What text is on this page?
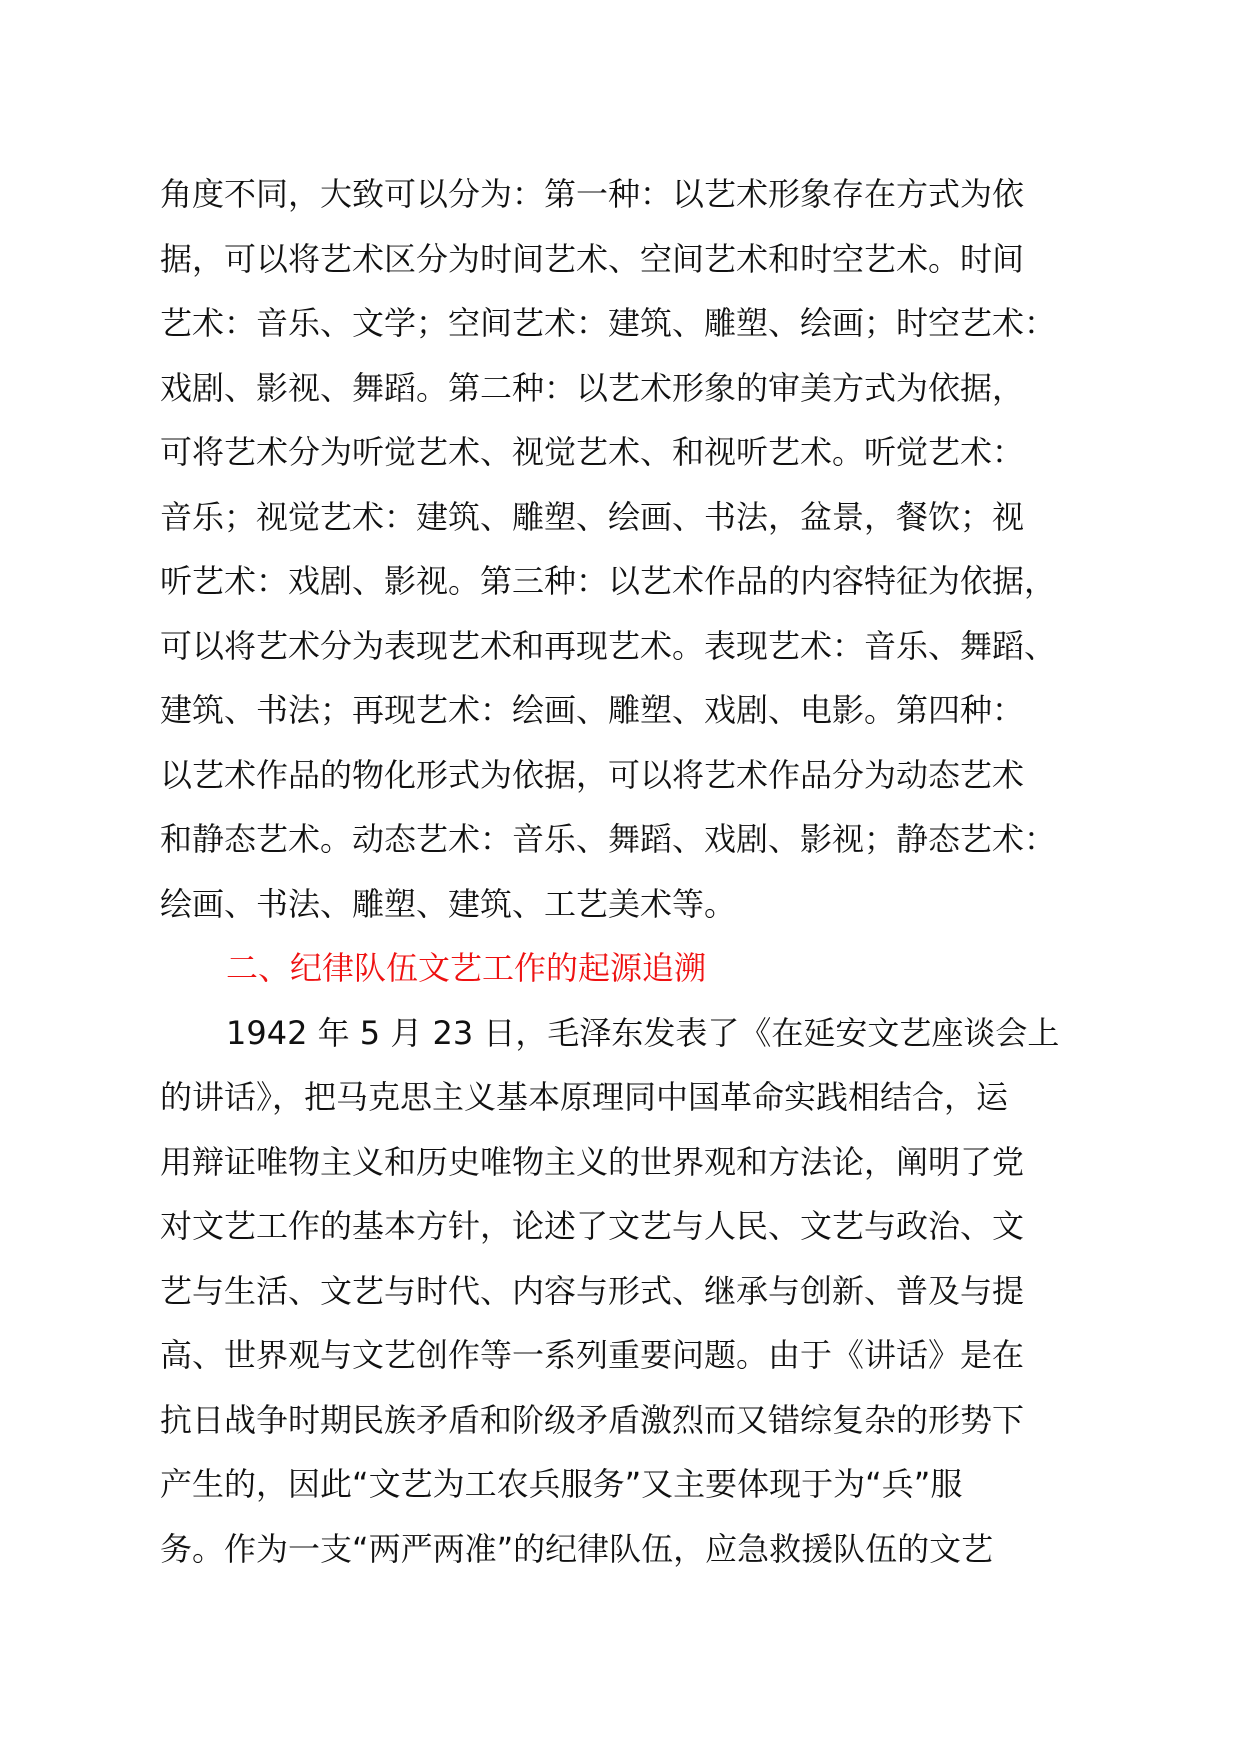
角度不同，大致可以分为：第一种：以艺术形象存在方式为依
据，可以将艺术区分为时间艺术、空间艺术和时空艺术。时间
艺术：音乐、文学；空间艺术：建筑、雕塑、绘画；时空艺术：
戏剧、影视、舞蹈。第二种：以艺术形象的审美方式为依据，
可将艺术分为听觉艺术、视觉艺术、和视听艺术。听觉艺术：
音乐；视觉艺术：建筑、雕塑、绘画、书法，盆景，餐饮；视
听艺术：戏剧、影视。第三种：以艺术作品的内容特征为依据，
可以将艺术分为表现艺术和再现艺术。表现艺术：音乐、舞蹈、
建筑、书法；再现艺术：绘画、雕塑、戏剧、电影。第四种：
以艺术作品的物化形式为依据，可以将艺术作品分为动态艺术
和静态艺术。动态艺术：音乐、舞蹈、戏剧、影视；静态艺术：
绘画、书法、雕塑、建筑、工艺美术等。
二、纪律队伍文艺工作的起源追溯
1942 年 5 月 23 日，毛泽东发表了《在延安文艺座谈会上
的讲话》，把马克思主义基本原理同中国革命实践相结合，运
用辩证唯物主义和历史唯物主义的世界观和方法论，阐明了党
对文艺工作的基本方针，论述了文艺与人民、文艺与政治、文
艺与生活、文艺与时代、内容与形式、继承与创新、普及与提
高、世界观与文艺创作等一系列重要问题。由于《讲话》是在
抗日战争时期民族矛盾和阶级矛盾激烈而又错综复杂的形势下
产生的，因此“文艺为工农兵服务”又主要体现于为“兵”服
务。作为一支“两严两准”的纪律队伍，应急救援队伍的文艺
